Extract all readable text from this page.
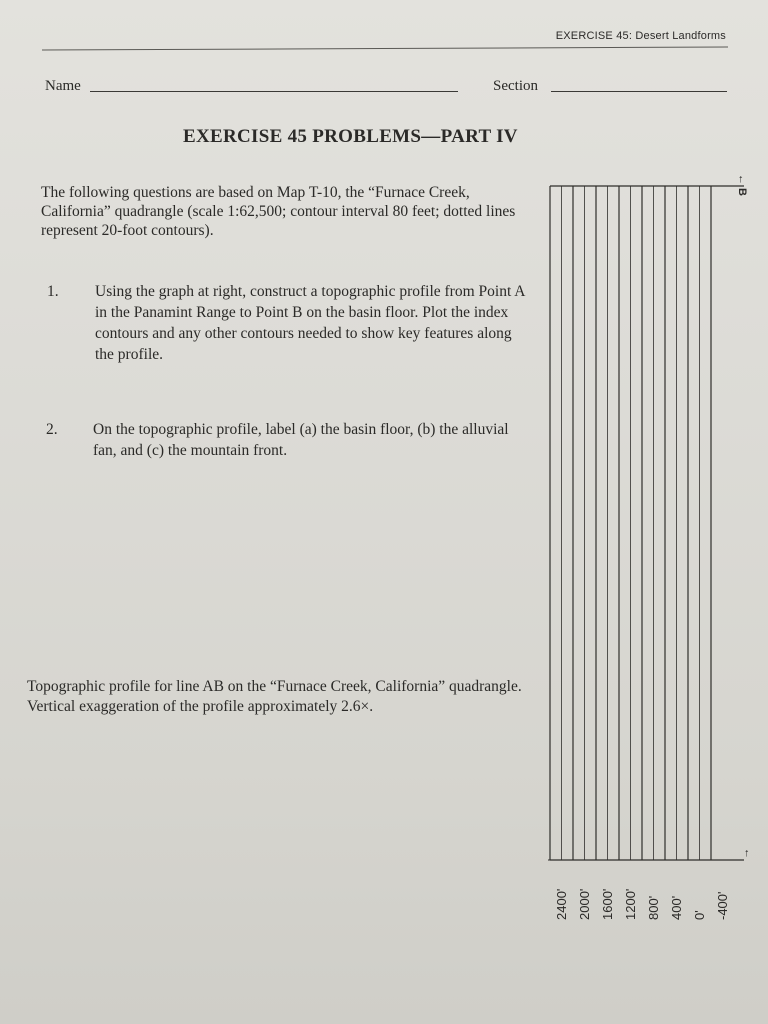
EXERCISE 45: Desert Landforms
Name	Section
EXERCISE 45 PROBLEMS—PART IV
The following questions are based on Map T-10, the “Furnace Creek, California” quadrangle (scale 1:62,500; contour interval 80 feet; dotted lines represent 20-foot contours).
1. Using the graph at right, construct a topographic profile from Point A in the Panamint Range to Point B on the basin floor. Plot the index contours and any other contours needed to show key features along the profile.
2. On the topographic profile, label (a) the basin floor, (b) the alluvial fan, and (c) the mountain front.
Topographic profile for line AB on the “Furnace Creek, California” quadrangle. Vertical exaggeration of the profile approximately 2.6×.
2400' 2000' 1600' 1200' 800' 400' 0' -400'
← B
←
